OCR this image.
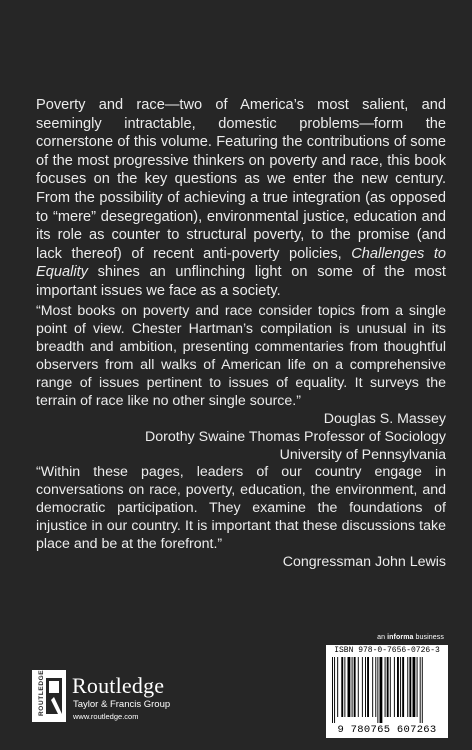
Poverty and race—two of America’s most salient, and seemingly intractable, domestic problems—form the cornerstone of this volume. Featuring the contributions of some of the most progressive thinkers on poverty and race, this book focuses on the key questions as we enter the new century. From the possibility of achieving a true integration (as opposed to “mere” desegregation), environmental justice, education and its role as counter to structural poverty, to the promise (and lack thereof) of recent anti-poverty policies, Challenges to Equality shines an unflinching light on some of the most important issues we face as a society.

“Most books on poverty and race consider topics from a single point of view. Chester Hartman’s compilation is unusual in its breadth and ambition, presenting commentaries from thoughtful observers from all walks of American life on a comprehensive range of issues pertinent to issues of equality. It surveys the terrain of race like no other single source.”
Douglas S. Massey
Dorothy Swaine Thomas Professor of Sociology
University of Pennsylvania

“Within these pages, leaders of our country engage in conversations on race, poverty, education, the environment, and democratic participation. They examine the foundations of injustice in our country. It is important that these discussions take place and be at the forefront.”
Congressman John Lewis

an informa business
ISBN 978-0-7656-0726-3
9 780765 607263
ROUTLEDGE Routledge
Taylor & Francis Group
www.routledge.com
